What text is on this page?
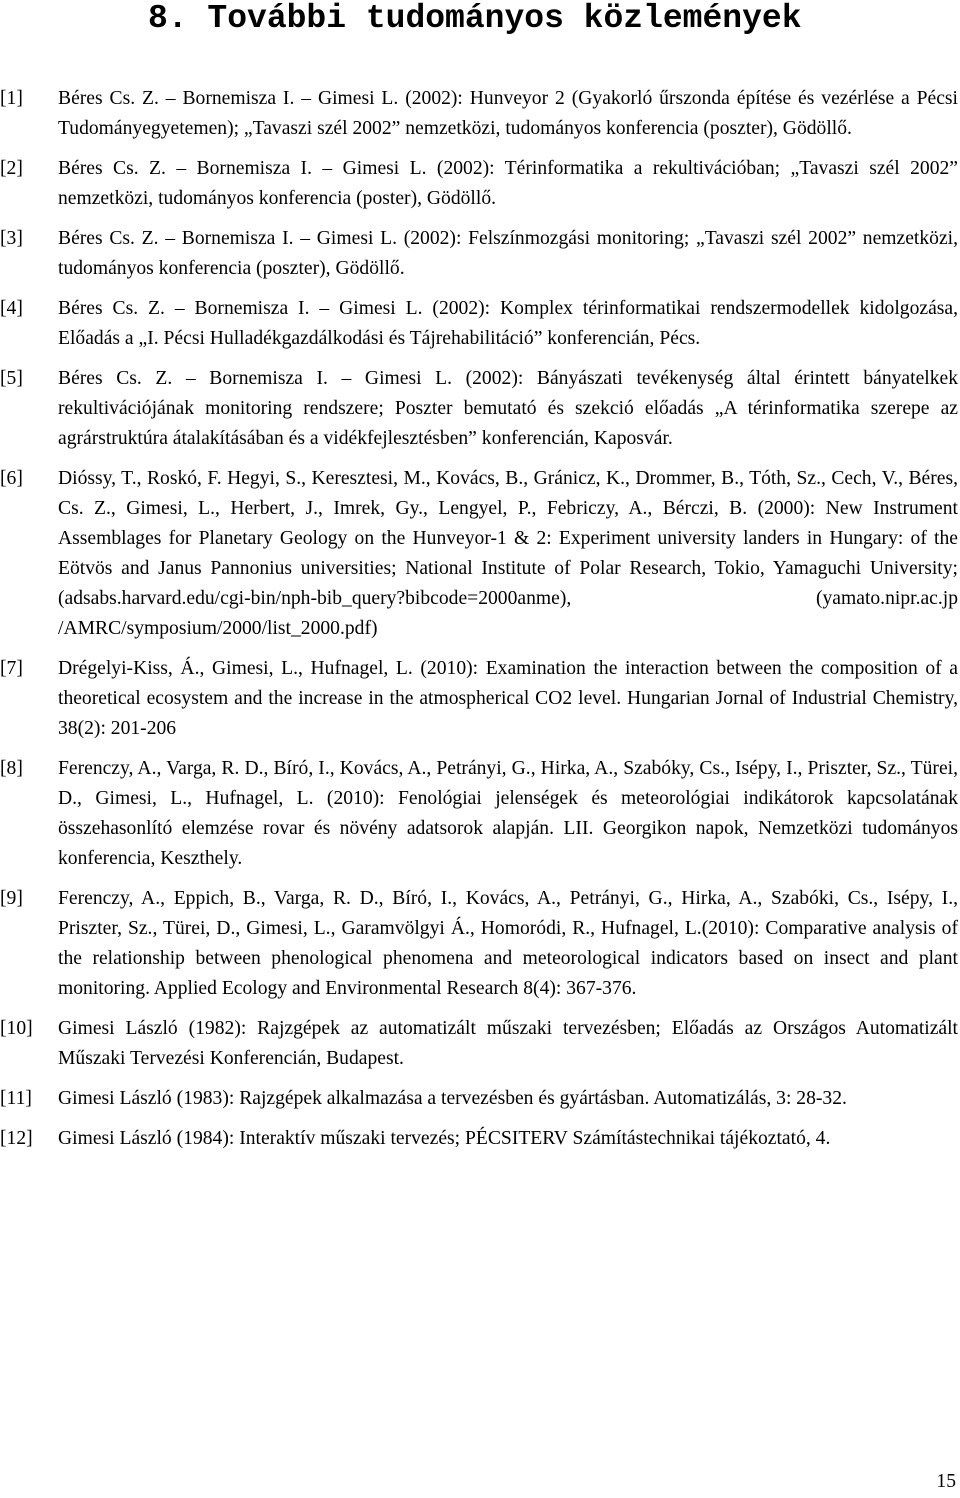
8. További tudományos közlemények
[1]	Béres Cs. Z. – Bornemisza I. – Gimesi L. (2002): Hunveyor 2 (Gyakorló űrszonda építése és vezérlése a Pécsi Tudományegyetemen); „Tavaszi szél 2002” nemzetközi, tudományos konferencia (poszter), Gödöllő.
[2]	Béres Cs. Z. – Bornemisza I. – Gimesi L. (2002): Térinformatika a rekultivációban; „Tavaszi szél 2002” nemzetközi, tudományos konferencia (poster), Gödöllő.
[3]	Béres Cs. Z. – Bornemisza I. – Gimesi L. (2002): Felszínmozgási monitoring; „Tavaszi szél 2002” nemzetközi, tudományos konferencia (poszter), Gödöllő.
[4]	Béres Cs. Z. – Bornemisza I. – Gimesi L. (2002): Komplex térinformatikai rendszermodellek kidolgozása, Előadás a „I. Pécsi Hulladékgazdálkodási és Tájrehabilitáció” konferencián, Pécs.
[5]	Béres Cs. Z. – Bornemisza I. – Gimesi L. (2002): Bányászati tevékenység által érintett bányatelkek rekultivációjának monitoring rendszere; Poszter bemutató és szekció előadás „A térinformatika szerepe az agrárstruktúra átalakításában és a vidékfejlesztésben” konferencián, Kaposvár.
[6]	Dióssy, T., Roskó, F. Hegyi, S., Keresztesi, M., Kovács, B., Gránicz, K., Drommer, B., Tóth, Sz., Cech, V., Béres, Cs. Z., Gimesi, L., Herbert, J., Imrek, Gy., Lengyel, P., Febriczy, A., Bérczi, B. (2000): New Instrument Assemblages for Planetary Geology on the Hunveyor-1 & 2: Experiment university landers in Hungary: of the Eötvös and Janus Pannonius universities; National Institute of Polar Research, Tokio, Yamaguchi University; (adsabs.harvard.edu/cgi-bin/nph-bib_query?bibcode=2000anme), (yamato.nipr.ac.jp /AMRC/symposium/2000/list_2000.pdf)
[7]	Drégelyi-Kiss, Á., Gimesi, L., Hufnagel, L. (2010): Examination the interaction between the composition of a theoretical ecosystem and the increase in the atmospherical CO2 level. Hungarian Jornal of Industrial Chemistry, 38(2): 201-206
[8]	Ferenczy, A., Varga, R. D., Bíró, I., Kovács, A., Petrányi, G., Hirka, A., Szabóky, Cs., Isépy, I., Priszter, Sz., Türei, D., Gimesi, L., Hufnagel, L. (2010): Fenológiai jelenségek és meteorológiai indikátorok kapcsolatának összehasonlító elemzése rovar és növény adatsorok alapján. LII. Georgikon napok, Nemzetközi tudományos konferencia, Keszthely.
[9]	Ferenczy, A., Eppich, B., Varga, R. D., Bíró, I., Kovács, A., Petrányi, G., Hirka, A., Szabóki, Cs., Isépy, I., Priszter, Sz., Türei, D., Gimesi, L., Garamvölgyi Á., Homoródi, R., Hufnagel, L.(2010): Comparative analysis of the relationship between phenological phenomena and meteorological indicators based on insect and plant monitoring. Applied Ecology and Environmental Research 8(4): 367-376.
[10]	Gimesi László (1982): Rajzgépek az automatizált műszaki tervezésben; Előadás az Országos Automatizált Műszaki Tervezési Konferencián, Budapest.
[11]	Gimesi László (1983): Rajzgépek alkalmazása a tervezésben és gyártásban. Automatizálás, 3: 28-32.
[12]	Gimesi László (1984): Interaktív műszaki tervezés; PÉCSITERV Számítástechnikai tájékoztató, 4.
15
